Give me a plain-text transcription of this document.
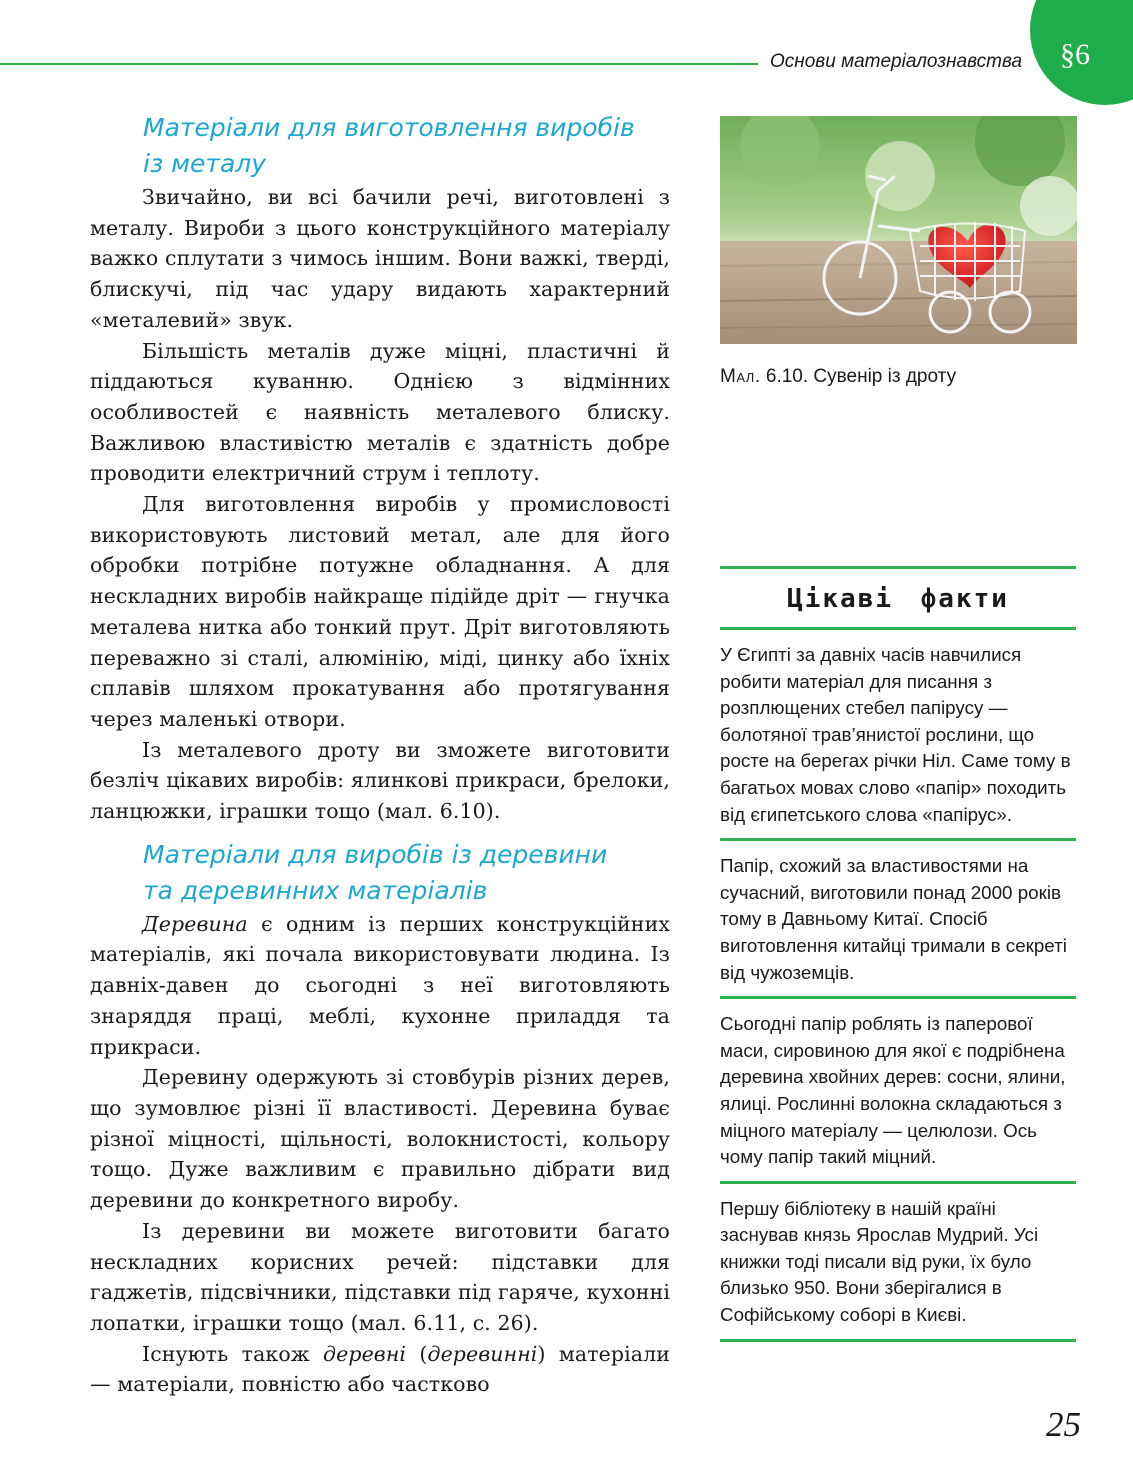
Основи матеріалознавства §6
Матеріали для виготовлення виробів
із металу

Звичайно, ви всі бачили речі, виготовлені з металу. Вироби з цього конструкційного матеріалу важко сплутати з чимось іншим. Вони важкі, тверді, блискучі, під час удару видають характерний «металевий» звук.

Більшість металів дуже міцні, пластичні й піддаються куванню. Однією з відмінних особливостей є наявність металевого блиску. Важливою властивістю металів є здатність добре проводити електричний струм і теплоту.

Для виготовлення виробів у промисловості використовують листовий метал, але для його обробки потрібне потужне обладнання. А для нескладних виробів найкраще підійде дріт — гнучка металева нитка або тонкий прут. Дріт виготовляють переважно зі сталі, алюмінію, міді, цинку або їхніх сплавів шляхом прокатування або протягування через маленькі отвори.

Із металевого дроту ви зможете виготовити безліч цікавих виробів: ялинкові прикраси, брелоки, ланцюжки, іграшки тощо (мал. 6.10).

Матеріали для виробів із деревини
та деревинних матеріалів

Деревина є одним із перших конструкційних матеріалів, які почала використовувати людина. Із давніх-давен до сьогодні з неї виготовляють знаряддя праці, меблі, кухонне приладдя та прикраси.

Деревину одержують зі стовбурів різних дерев, що зумовлює різні її властивості. Деревина буває різної міцності, щільності, волокнистості, кольору тощо. Дуже важливим є правильно дібрати вид деревини до конкретного виробу.

Із деревини ви можете виготовити багато нескладних корисних речей: підставки для гаджетів, підсвічники, підставки під гаряче, кухонні лопатки, іграшки тощо (мал. 6.11, с. 26).

Існують також деревні (деревинні) матеріали — матеріали, повністю або частково

Мал. 6.10. Сувенір із дроту
Цікаві факти
У Єгипті за давніх часів навчилися робити матеріал для писання з розплющених стебел папірусу — болотяної трав’янистої рослини, що росте на берегах річки Ніл. Саме тому в багатьох мовах слово «папір» походить від єгипетського слова «папірус».
Папір, схожий за властивостями на сучасний, виготовили понад 2000 років тому в Давньому Китаї. Спосіб виготовлення китайці тримали в секреті від чужоземців.
Сьогодні папір роблять із паперової маси, сировиною для якої є подрібнена деревина хвойних дерев: сосни, ялини, ялиці. Рослинні волокна складаються з міцного матеріалу — целюлози. Ось чому папір такий міцний.
Першу бібліотеку в нашій країні заснував князь Ярослав Мудрий. Усі книжки тоді писали від руки, їх було близько 950. Вони зберігалися в Софійському соборі в Києві.
25
